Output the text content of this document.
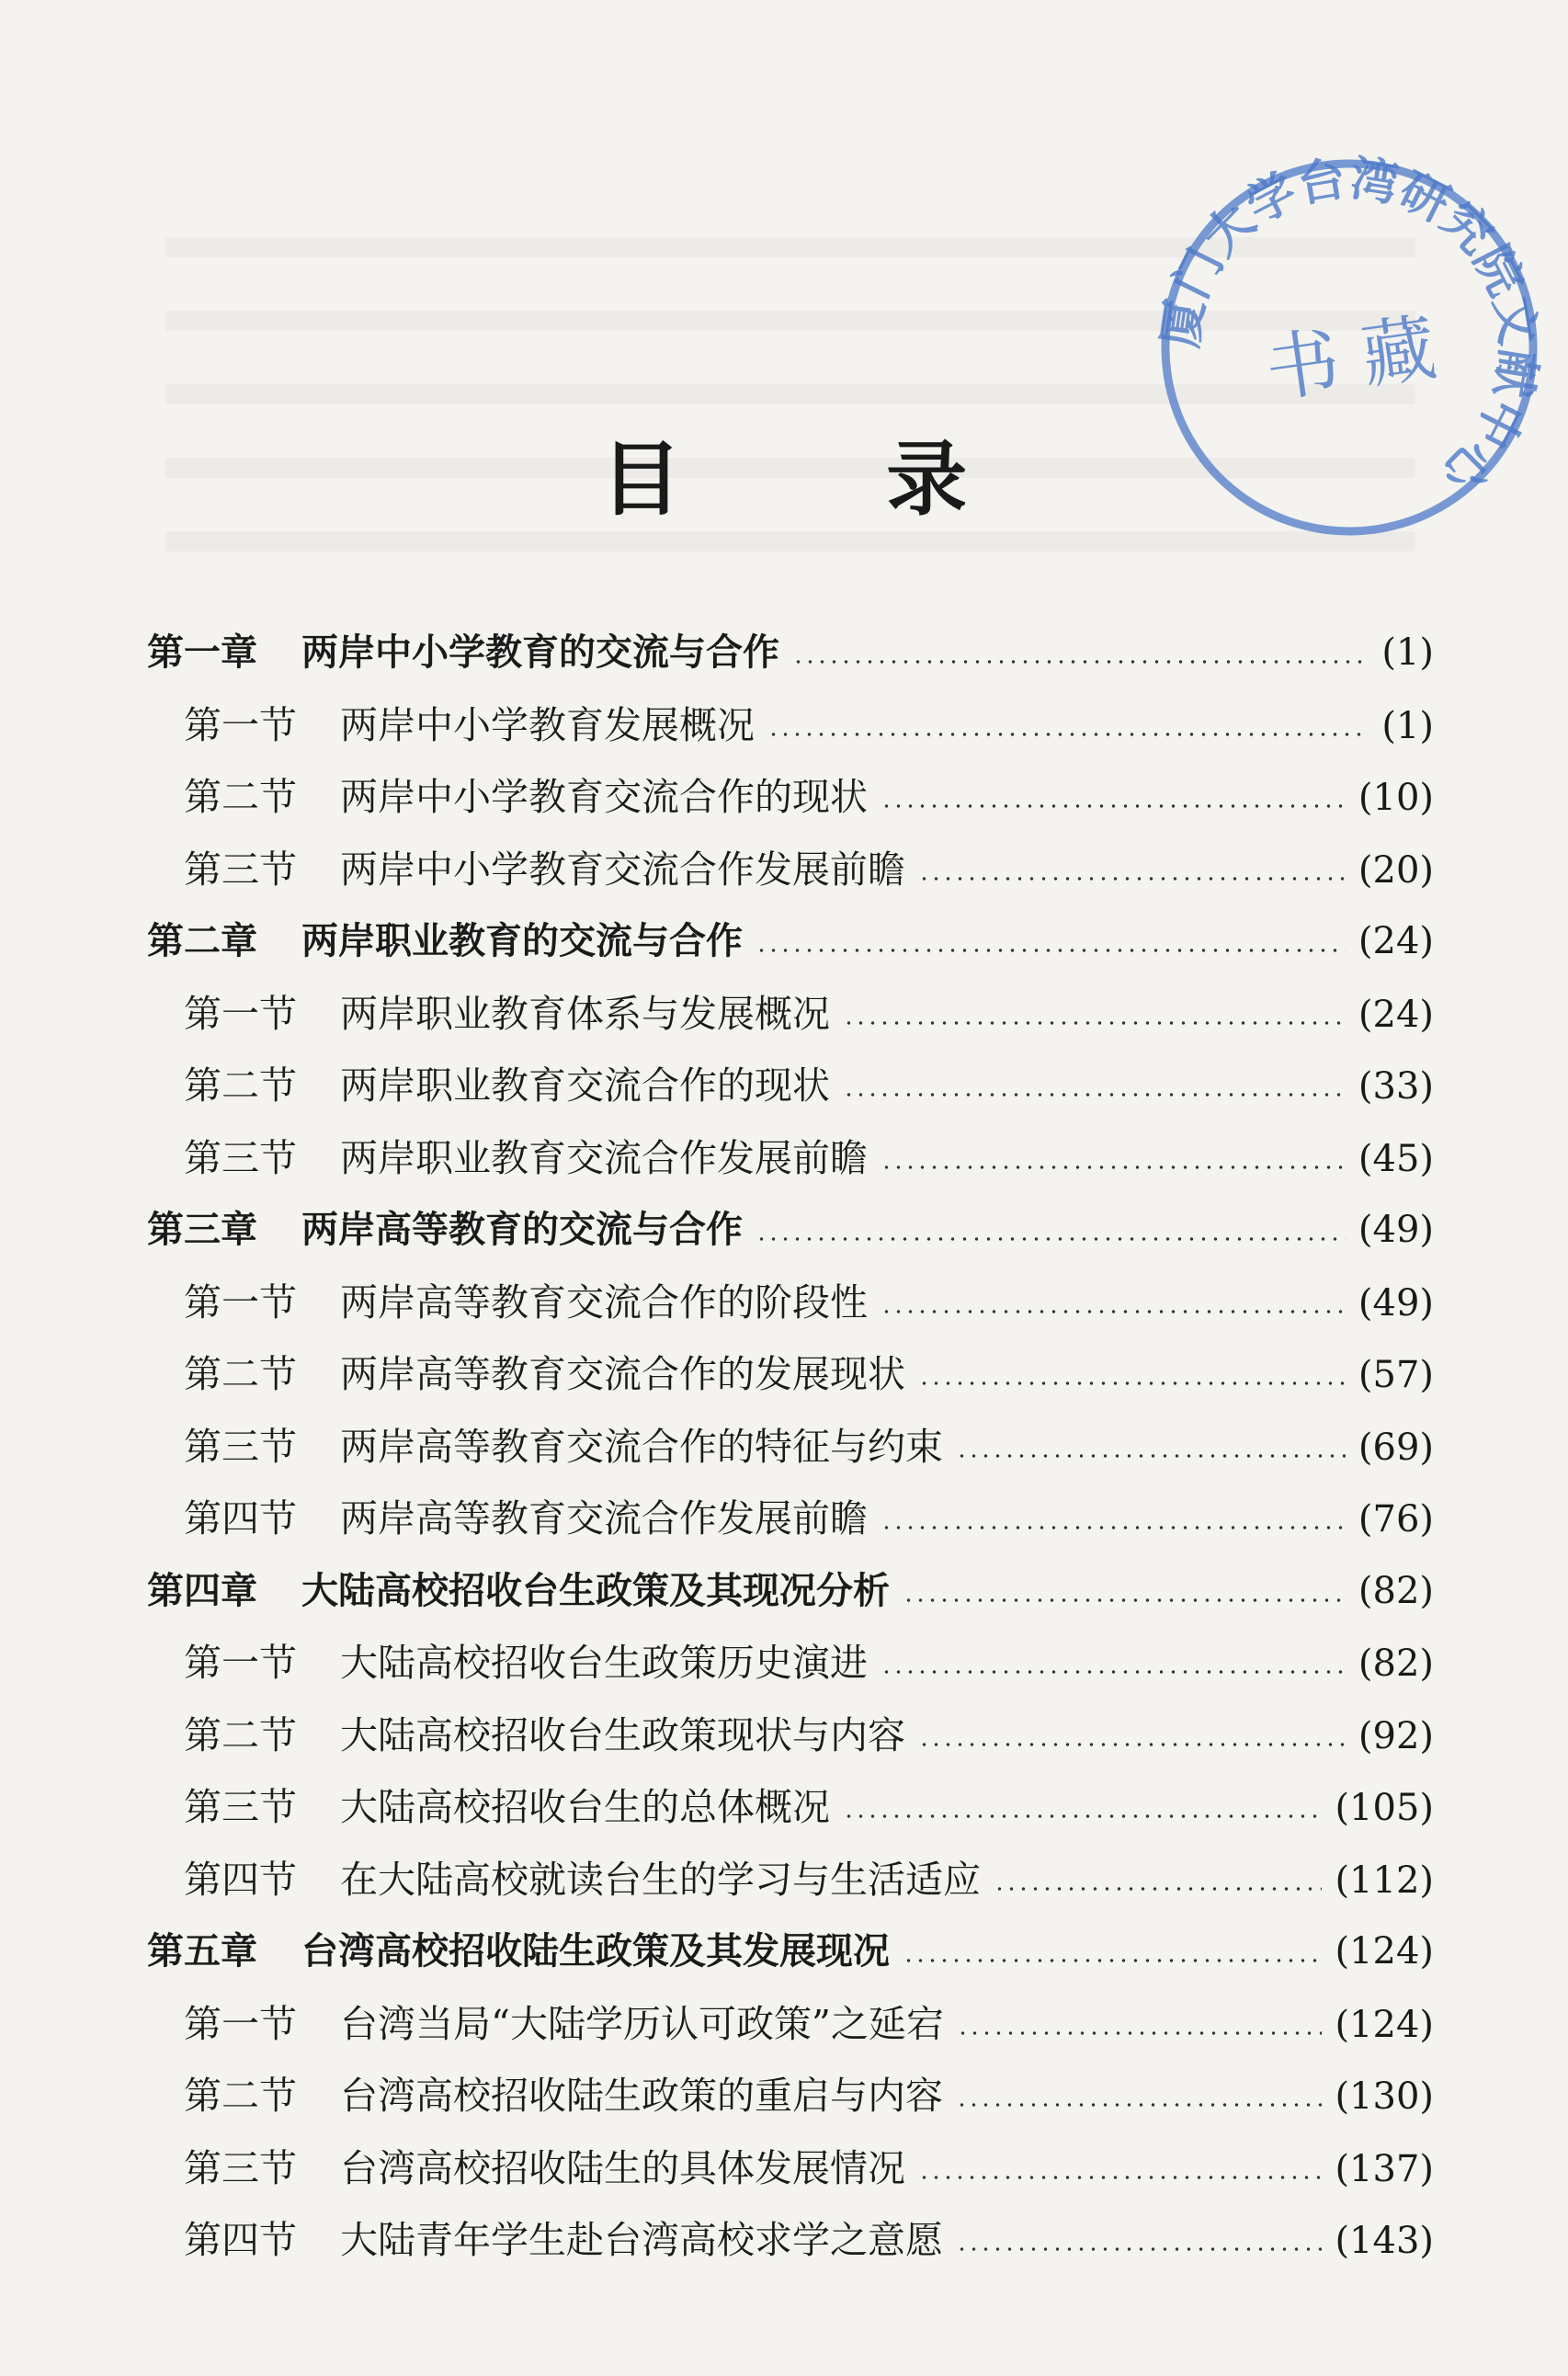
厦门大学台湾研究院文献中心
书 藏
目 录
第一章	两岸中小学教育的交流与合作	(1)
第一节	两岸中小学教育发展概况	(1)
第二节	两岸中小学教育交流合作的现状	(10)
第三节	两岸中小学教育交流合作发展前瞻	(20)
第二章	两岸职业教育的交流与合作	(24)
第一节	两岸职业教育体系与发展概况	(24)
第二节	两岸职业教育交流合作的现状	(33)
第三节	两岸职业教育交流合作发展前瞻	(45)
第三章	两岸高等教育的交流与合作	(49)
第一节	两岸高等教育交流合作的阶段性	(49)
第二节	两岸高等教育交流合作的发展现状	(57)
第三节	两岸高等教育交流合作的特征与约束	(69)
第四节	两岸高等教育交流合作发展前瞻	(76)
第四章	大陆高校招收台生政策及其现况分析	(82)
第一节	大陆高校招收台生政策历史演进	(82)
第二节	大陆高校招收台生政策现状与内容	(92)
第三节	大陆高校招收台生的总体概况	(105)
第四节	在大陆高校就读台生的学习与生活适应	(112)
第五章	台湾高校招收陆生政策及其发展现况	(124)
第一节	台湾当局“大陆学历认可政策”之延宕	(124)
第二节	台湾高校招收陆生政策的重启与内容	(130)
第三节	台湾高校招收陆生的具体发展情况	(137)
第四节	大陆青年学生赴台湾高校求学之意愿	(143)
